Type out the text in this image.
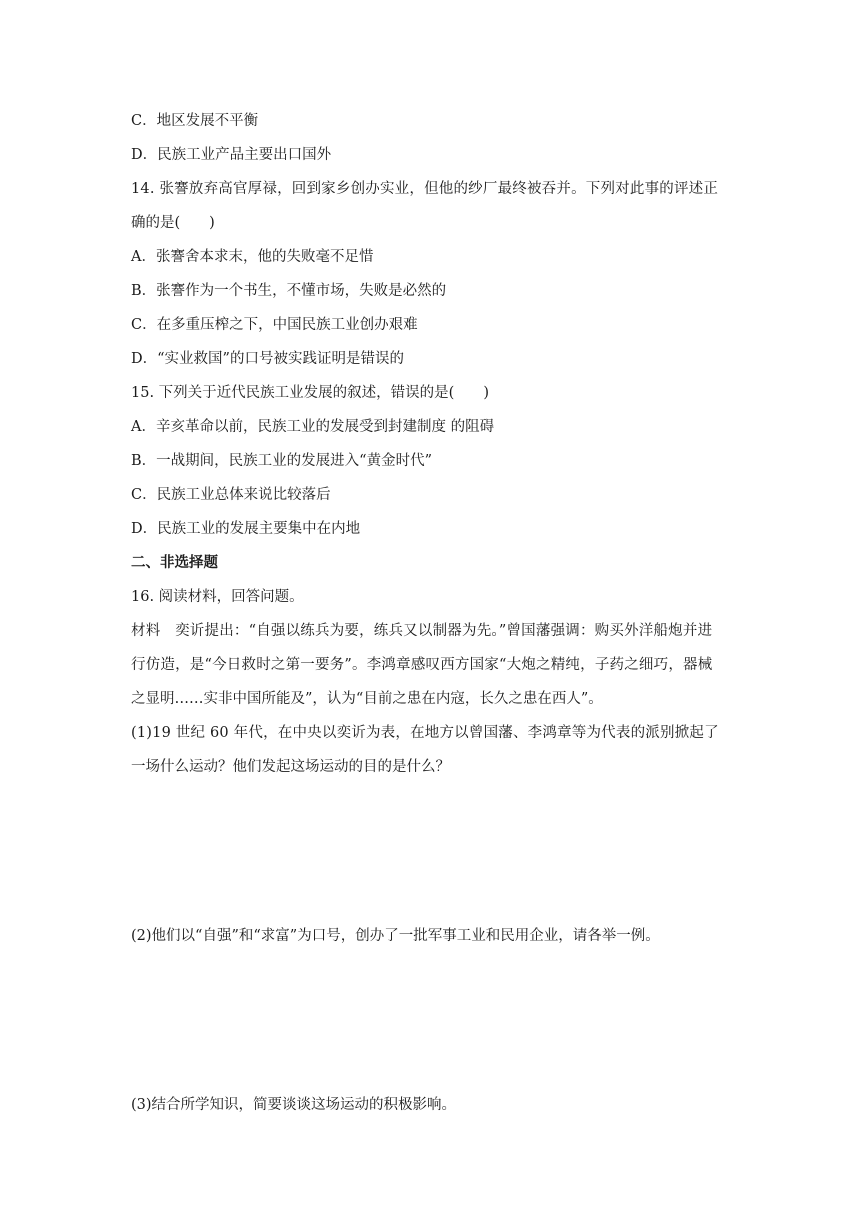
C．地区发展不平衡
D．民族工业产品主要出口国外
14. 张謇放弃高官厚禄，回到家乡创办实业，但他的纱厂最终被吞并。下列对此事的评述正
确的是(　　)
A．张謇舍本求末，他的失败毫不足惜
B．张謇作为一个书生，不懂市场，失败是必然的
C．在多重压榨之下，中国民族工业创办艰难
D．“实业救国”的口号被实践证明是错误的
15. 下列关于近代民族工业发展的叙述，错误的是(　　)
A．辛亥革命以前，民族工业的发展受到封建制度 的阻碍
B．一战期间，民族工业的发展进入“黄金时代”
C．民族工业总体来说比较落后
D．民族工业的发展主要集中在内地
二、非选择题
16. 阅读材料，回答问题。
材料　奕䜣提出：“自强以练兵为要，练兵又以制器为先。”曾国藩强调：购买外洋船炮并进
行仿造，是“今日救时之第一要务”。李鸿章感叹西方国家“大炮之精纯，子药之细巧，器械
之显明……实非中国所能及”，认为“目前之患在内寇，长久之患在西人”。
(1)19 世纪 60 年代，在中央以奕䜣为表，在地方以曾国藩、李鸿章等为代表的派别掀起了
一场什么运动？他们发起这场运动的目的是什么？
(2)他们以“自强”和“求富”为口号，创办了一批军事工业和民用企业，请各举一例。
(3)结合所学知识，简要谈谈这场运动的积极影响。
